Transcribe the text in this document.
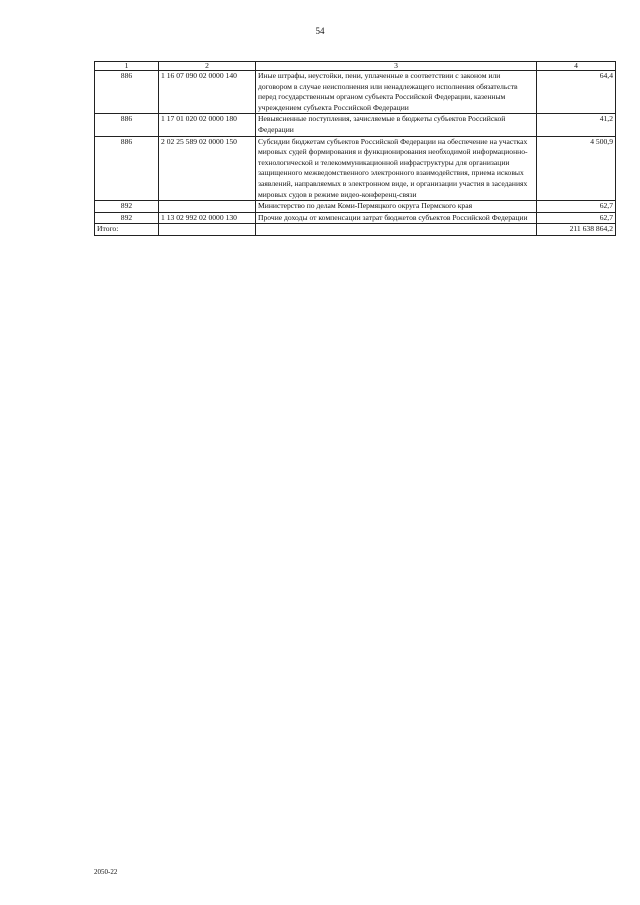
54
1	2	3	4
886	1 16 07 090 02 0000 140	Иные штрафы, неустойки, пени, уплаченные в соответствии с законом или договором в случае неисполнения или ненадлежащего исполнения обязательств перед государственным органом субъекта Российской Федерации, казенным учреждением субъекта Российской Федерации	64,4
886	1 17 01 020 02 0000 180	Невыясненные поступления, зачисляемые в бюджеты субъектов Российской Федерации	41,2
886	2 02 25 589 02 0000 150	Субсидии бюджетам субъектов Российской Федерации на обеспечение на участках мировых судей формирования и функционирования необходимой информационно-технологической и телекоммуникационной инфраструктуры для организации защищенного межведомственного электронного взаимодействия, приема исковых заявлений, направляемых в электронном виде, и организации участия в заседаниях мировых судов в режиме видео-конференц-связи	4 500,9
892		Министерство по делам Коми-Пермяцкого округа Пермского края	62,7
892	1 13 02 992 02 0000 130	Прочие доходы от компенсации затрат бюджетов субъектов Российской Федерации	62,7
Итого:			211 638 864,2
2050-22
